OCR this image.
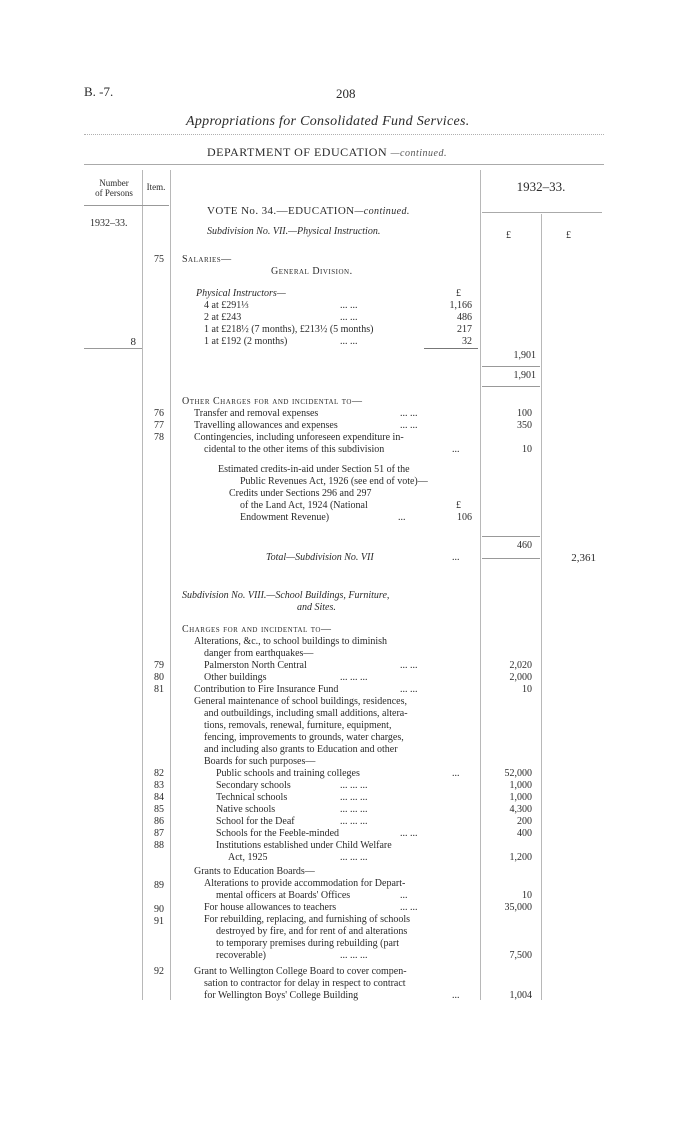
B. -7.	208
Appropriations for Consolidated Fund Services.
DEPARTMENT OF EDUCATION —continued.
Number
of Persons
Item.	1932–33.
VOTE No. 34.—EDUCATION—continued.
1932–33.
Subdivision No. VII.—Physical Instruction.	£	£
75 Salaries—
General Division.
Physical Instructors—	£
4 at £291⅓	... ...	1,166
2 at £243	... ...	486
1 at £218½ (7 months), £213½ (5 months)	217
1 at £192 (2 months)	... ...	32
8
1,901
1,901
Other Charges for and incidental to—
76	Transfer and removal expenses	... ...	100
77	Travelling allowances and expenses	... ...	350
78	Contingencies, including unforeseen expenditure in-
cidental to the other items of this subdivision	...	10
Estimated credits-in-aid under Section 51 of the
Public Revenues Act, 1926 (see end of vote)—
Credits under Sections 296 and 297
of the Land Act, 1924 (National	£
Endowment Revenue)	...	106
460
Total—Subdivision No. VII	...	2,361
Subdivision No. VIII.—School Buildings, Furniture,
and Sites.
Charges for and incidental to—
Alterations, &c., to school buildings to diminish
danger from earthquakes—
79	Palmerston North Central	... ...	2,020
80	Other buildings	... ... ...	2,000
81	Contribution to Fire Insurance Fund	... ...	10
General maintenance of school buildings, residences,
and outbuildings, including small additions, altera-
tions, removals, renewal, furniture, equipment,
fencing, improvements to grounds, water charges,
and including also grants to Education and other
Boards for such purposes—
82	Public schools and training colleges	...	52,000
83	Secondary schools	... ... ...	1,000
84	Technical schools	... ... ...	1,000
85	Native schools	... ... ...	4,300
86	School for the Deaf	... ... ...	200
87	Schools for the Feeble-minded	... ...	400
88	Institutions established under Child Welfare
Act, 1925	... ... ...	1,200
Grants to Education Boards—
89	Alterations to provide accommodation for Depart-
mental officers at Boards' Offices	...	10
90	For house allowances to teachers	... ...	35,000
91	For rebuilding, replacing, and furnishing of schools
destroyed by fire, and for rent of and alterations
to temporary premises during rebuilding (part
recoverable)	... ... ...	7,500
92	Grant to Wellington College Board to cover compen-
sation to contractor for delay in respect to contract
for Wellington Boys' College Building	...	1,004
